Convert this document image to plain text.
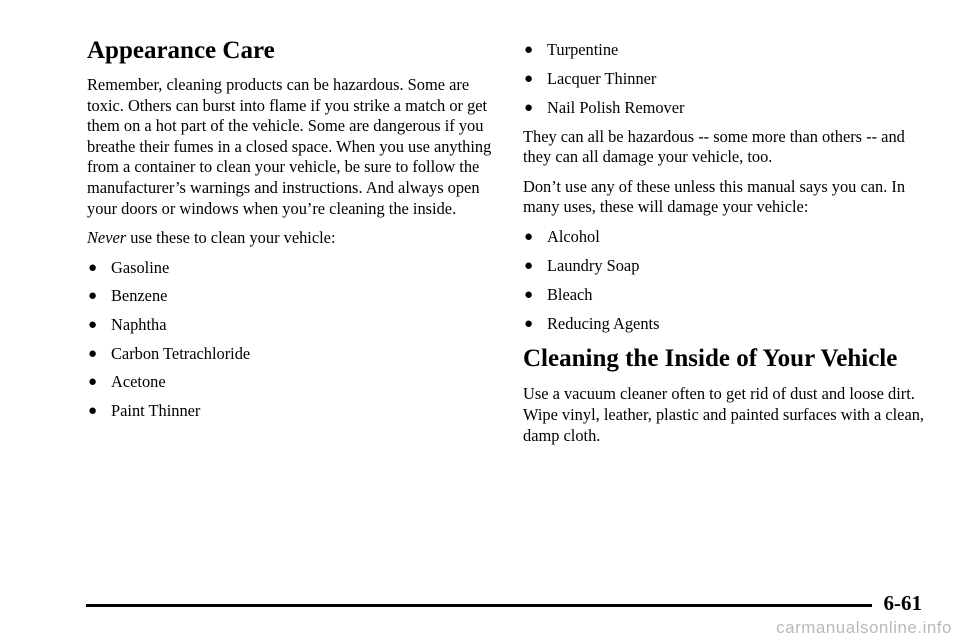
Appearance Care

Remember, cleaning products can be hazardous. Some are toxic. Others can burst into flame if you strike a match or get them on a hot part of the vehicle. Some are dangerous if you breathe their fumes in a closed space. When you use anything from a container to clean your vehicle, be sure to follow the manufacturer’s warnings and instructions. And always open your doors or windows when you’re cleaning the inside.

Never use these to clean your vehicle:

● Gasoline
● Benzene
● Naphtha
● Carbon Tetrachloride
● Acetone
● Paint Thinner
● Turpentine
● Lacquer Thinner
● Nail Polish Remover

They can all be hazardous -- some more than others -- and they can all damage your vehicle, too.

Don’t use any of these unless this manual says you can. In many uses, these will damage your vehicle:

● Alcohol
● Laundry Soap
● Bleach
● Reducing Agents
Cleaning the Inside of Your Vehicle

Use a vacuum cleaner often to get rid of dust and loose dirt. Wipe vinyl, leather, plastic and painted surfaces with a clean, damp cloth.

6-61
carmanualsonline.info
